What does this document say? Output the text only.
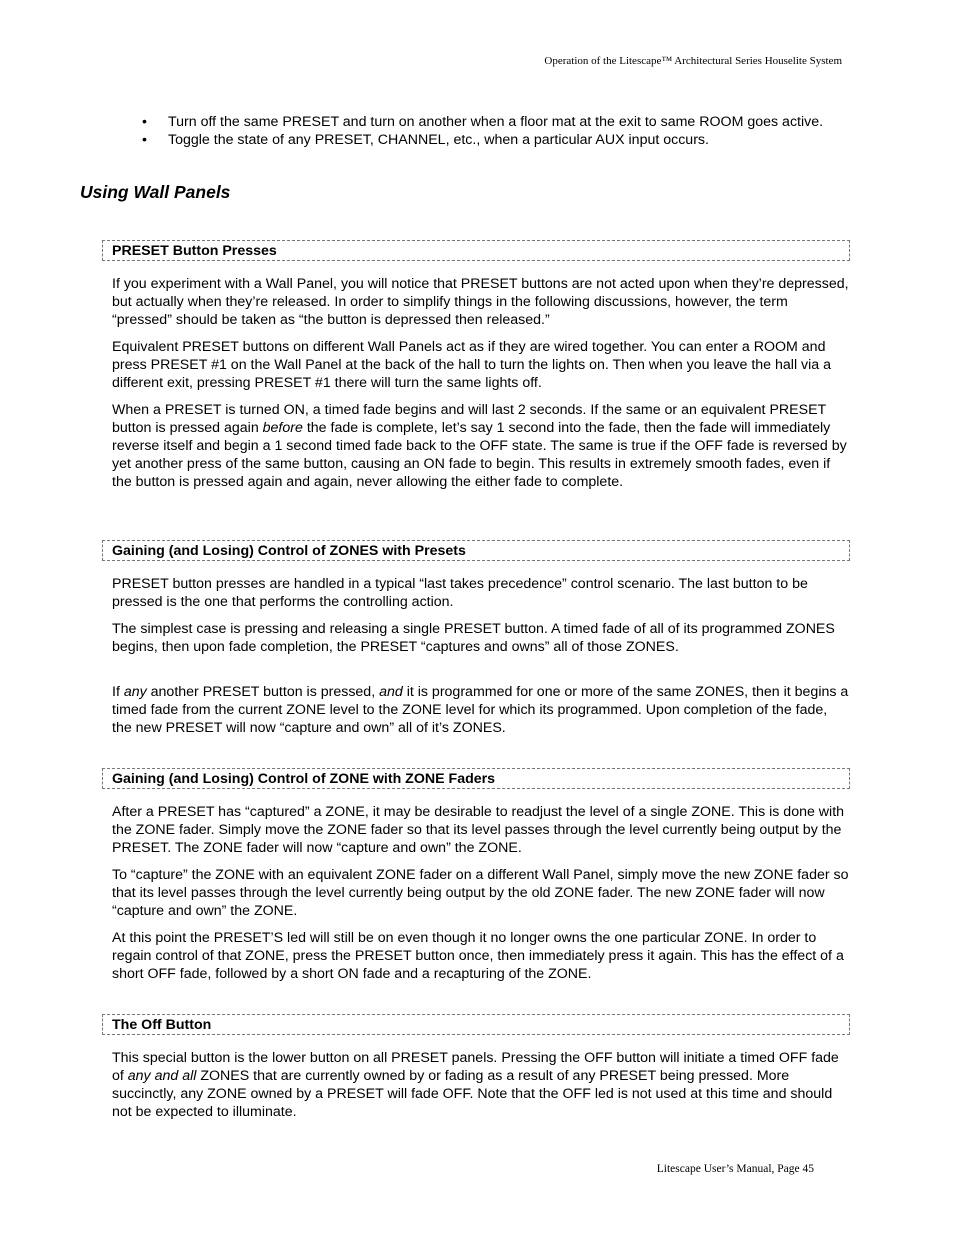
Operation of the Litescape™ Architectural Series Houselite System
• Turn off the same PRESET and turn on another when a floor mat at the exit to same ROOM goes active.
• Toggle the state of any PRESET, CHANNEL, etc., when a particular AUX input occurs.
Using Wall Panels
PRESET Button Presses

If you experiment with a Wall Panel, you will notice that PRESET buttons are not acted upon when they’re depressed, but actually when they’re released. In order to simplify things in the following discussions, however, the term “pressed” should be taken as “the button is depressed then released.”

Equivalent PRESET buttons on different Wall Panels act as if they are wired together. You can enter a ROOM and press PRESET #1 on the Wall Panel at the back of the hall to turn the lights on. Then when you leave the hall via a different exit, pressing PRESET #1 there will turn the same lights off.

When a PRESET is turned ON, a timed fade begins and will last 2 seconds. If the same or an equivalent PRESET button is pressed again before the fade is complete, let’s say 1 second into the fade, then the fade will immediately reverse itself and begin a 1 second timed fade back to the OFF state. The same is true if the OFF fade is reversed by yet another press of the same button, causing an ON fade to begin. This results in extremely smooth fades, even if the button is pressed again and again, never allowing the either fade to complete.

Gaining (and Losing) Control of ZONES with Presets

PRESET button presses are handled in a typical “last takes precedence” control scenario. The last button to be pressed is the one that performs the controlling action.

The simplest case is pressing and releasing a single PRESET button. A timed fade of all of its programmed ZONES begins, then upon fade completion, the PRESET “captures and owns” all of those ZONES.

If any another PRESET button is pressed, and it is programmed for one or more of the same ZONES, then it begins a timed fade from the current ZONE level to the ZONE level for which its programmed. Upon completion of the fade, the new PRESET will now “capture and own” all of it’s ZONES.

Gaining (and Losing) Control of ZONE with ZONE Faders

After a PRESET has “captured” a ZONE, it may be desirable to readjust the level of a single ZONE. This is done with the ZONE fader. Simply move the ZONE fader so that its level passes through the level currently being output by the PRESET. The ZONE fader will now “capture and own” the ZONE.

To “capture” the ZONE with an equivalent ZONE fader on a different Wall Panel, simply move the new ZONE fader so that its level passes through the level currently being output by the old ZONE fader. The new ZONE fader will now “capture and own” the ZONE.

At this point the PRESET’S led will still be on even though it no longer owns the one particular ZONE. In order to regain control of that ZONE, press the PRESET button once, then immediately press it again. This has the effect of a short OFF fade, followed by a short ON fade and a recapturing of the ZONE.

The Off Button

This special button is the lower button on all PRESET panels. Pressing the OFF button will initiate a timed OFF fade of any and all ZONES that are currently owned by or fading as a result of any PRESET being pressed. More succinctly, any ZONE owned by a PRESET will fade OFF. Note that the OFF led is not used at this time and should not be expected to illuminate.

Litescape User’s Manual, Page 45
